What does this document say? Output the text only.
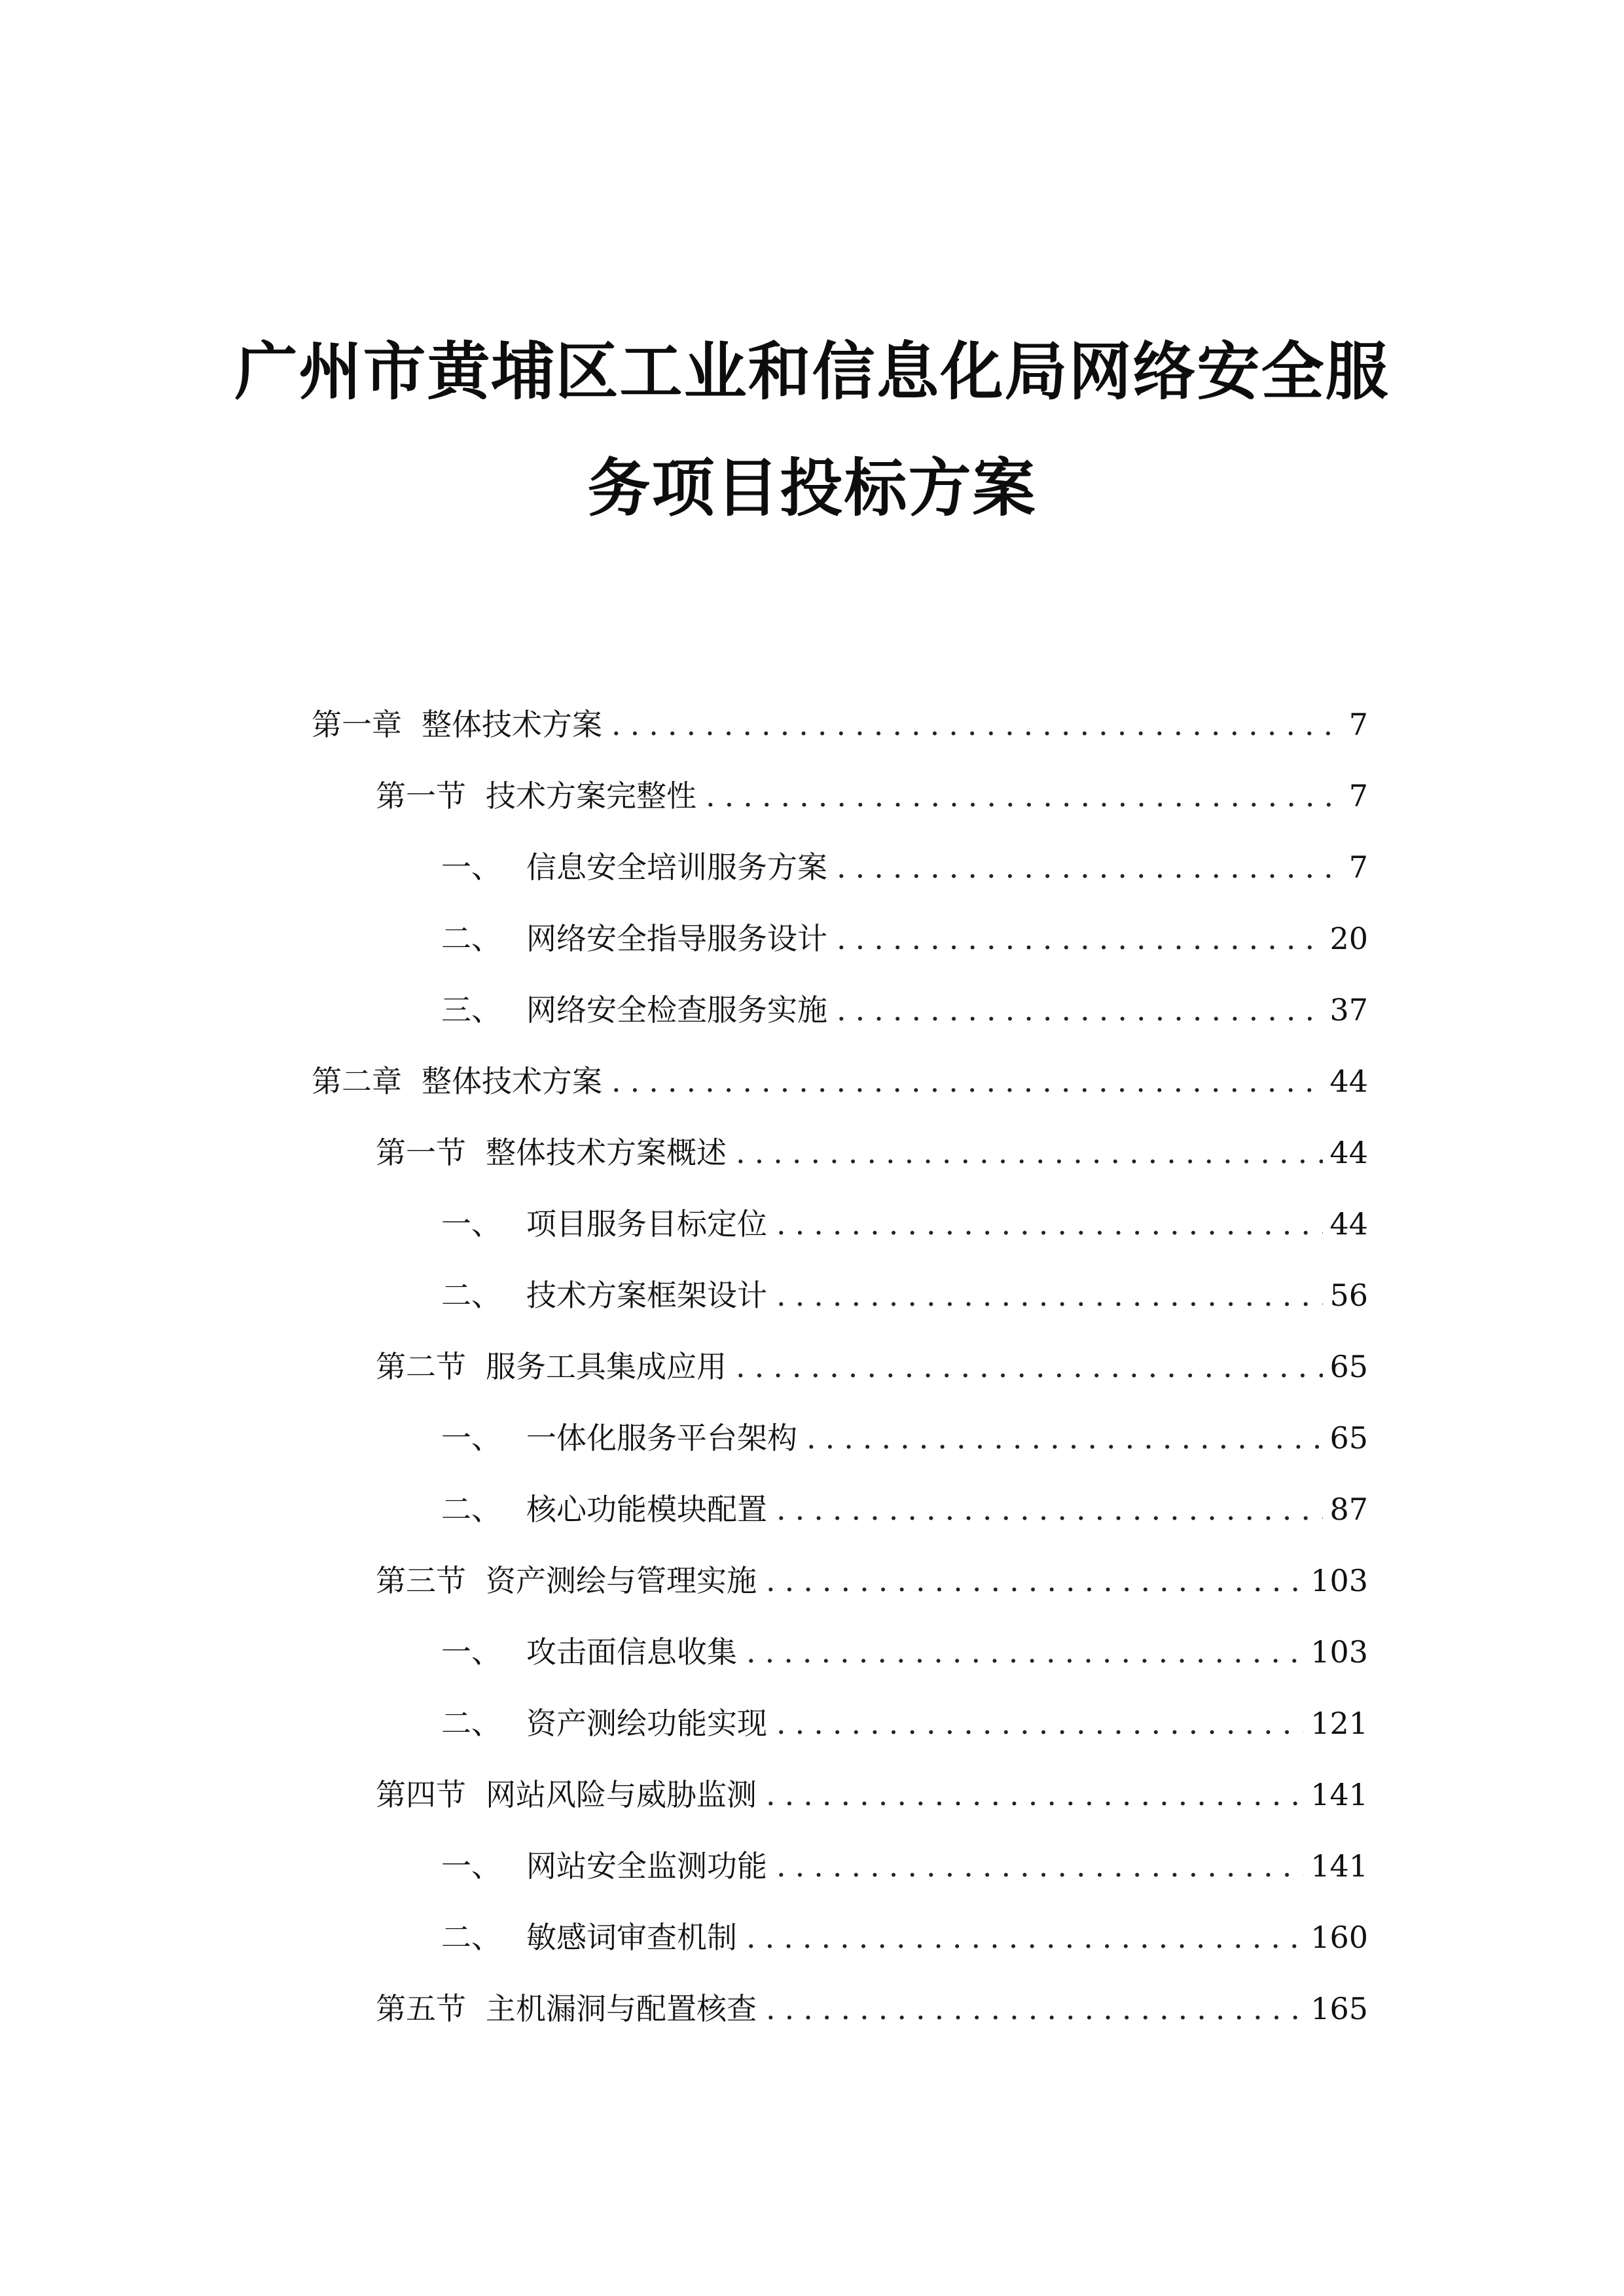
广州市黄埔区工业和信息化局网络安全服
务项目投标方案
第一章 整体技术方案 .....	7
第一节 技术方案完整性 .....	7
一、 信息安全培训服务方案 .....	7
二、 网络安全指导服务设计 .....	20
三、 网络安全检查服务实施 .....	37
第二章 整体技术方案 .....	44
第一节 整体技术方案概述 .....	44
一、 项目服务目标定位 .....	44
二、 技术方案框架设计 .....	56
第二节 服务工具集成应用 .....	65
一、 一体化服务平台架构 .....	65
二、 核心功能模块配置 .....	87
第三节 资产测绘与管理实施 .....	103
一、 攻击面信息收集 .....	103
二、 资产测绘功能实现 .....	121
第四节 网站风险与威胁监测 .....	141
一、 网站安全监测功能 .....	141
二、 敏感词审查机制 .....	160
第五节 主机漏洞与配置核查 .....	165
